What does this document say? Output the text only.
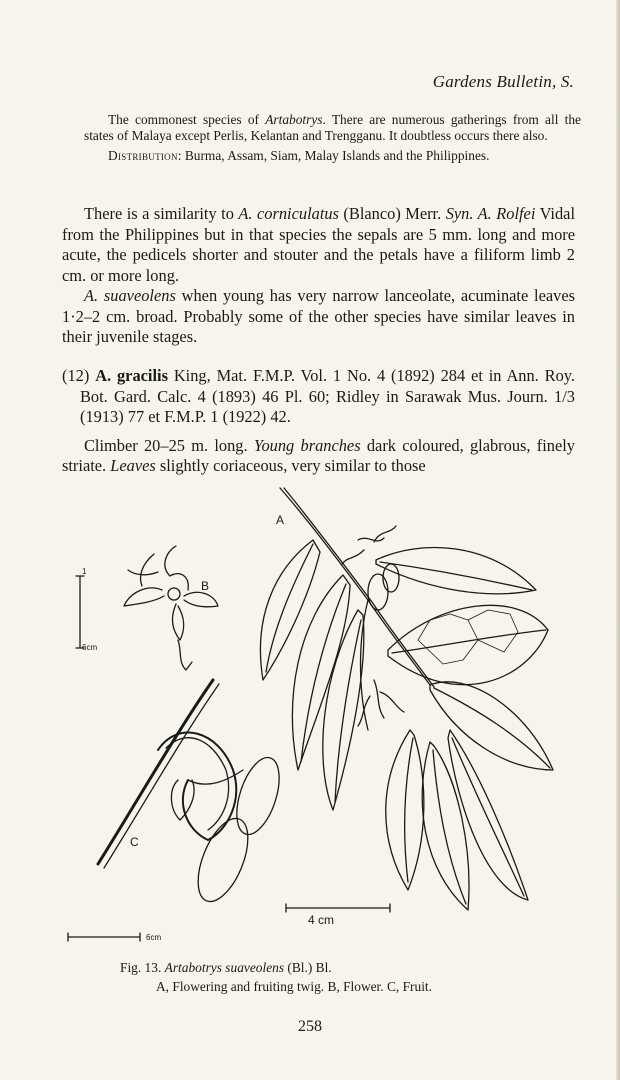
Gardens Bulletin, S.

The commonest species of Artabotrys. There are numerous gatherings from all the states of Malaya except Perlis, Kelantan and Trengganu. It doubtless occurs there also.

Distribution: Burma, Assam, Siam, Malay Islands and the Philippines.

There is a similarity to A. corniculatus (Blanco) Merr. Syn. A. Rolfei Vidal from the Philippines but in that species the sepals are 5 mm. long and more acute, the pedicels shorter and stouter and the petals have a filiform limb 2 cm. or more long.

A. suaveolens when young has very narrow lanceolate, acuminate leaves 1·2–2 cm. broad. Probably some of the other species have similar leaves in their juvenile stages.

(12) A. gracilis King, Mat. F.M.P. Vol. 1 No. 4 (1892) 284 et in Ann. Roy. Bot. Gard. Calc. 4 (1893) 46 Pl. 60; Ridley in Sarawak Mus. Journ. 1/3 (1913) 77 et F.M.P. 1 (1922) 42.

Climber 20–25 m. long. Young branches dark coloured, glabrous, finely striate. Leaves slightly coriaceous, very similar to those

A
B
C
1
6cm
4 cm
6cm

Fig. 13. Artabotrys suaveolens (Bl.) Bl.

A, Flowering and fruiting twig. B, Flower. C, Fruit.

258
